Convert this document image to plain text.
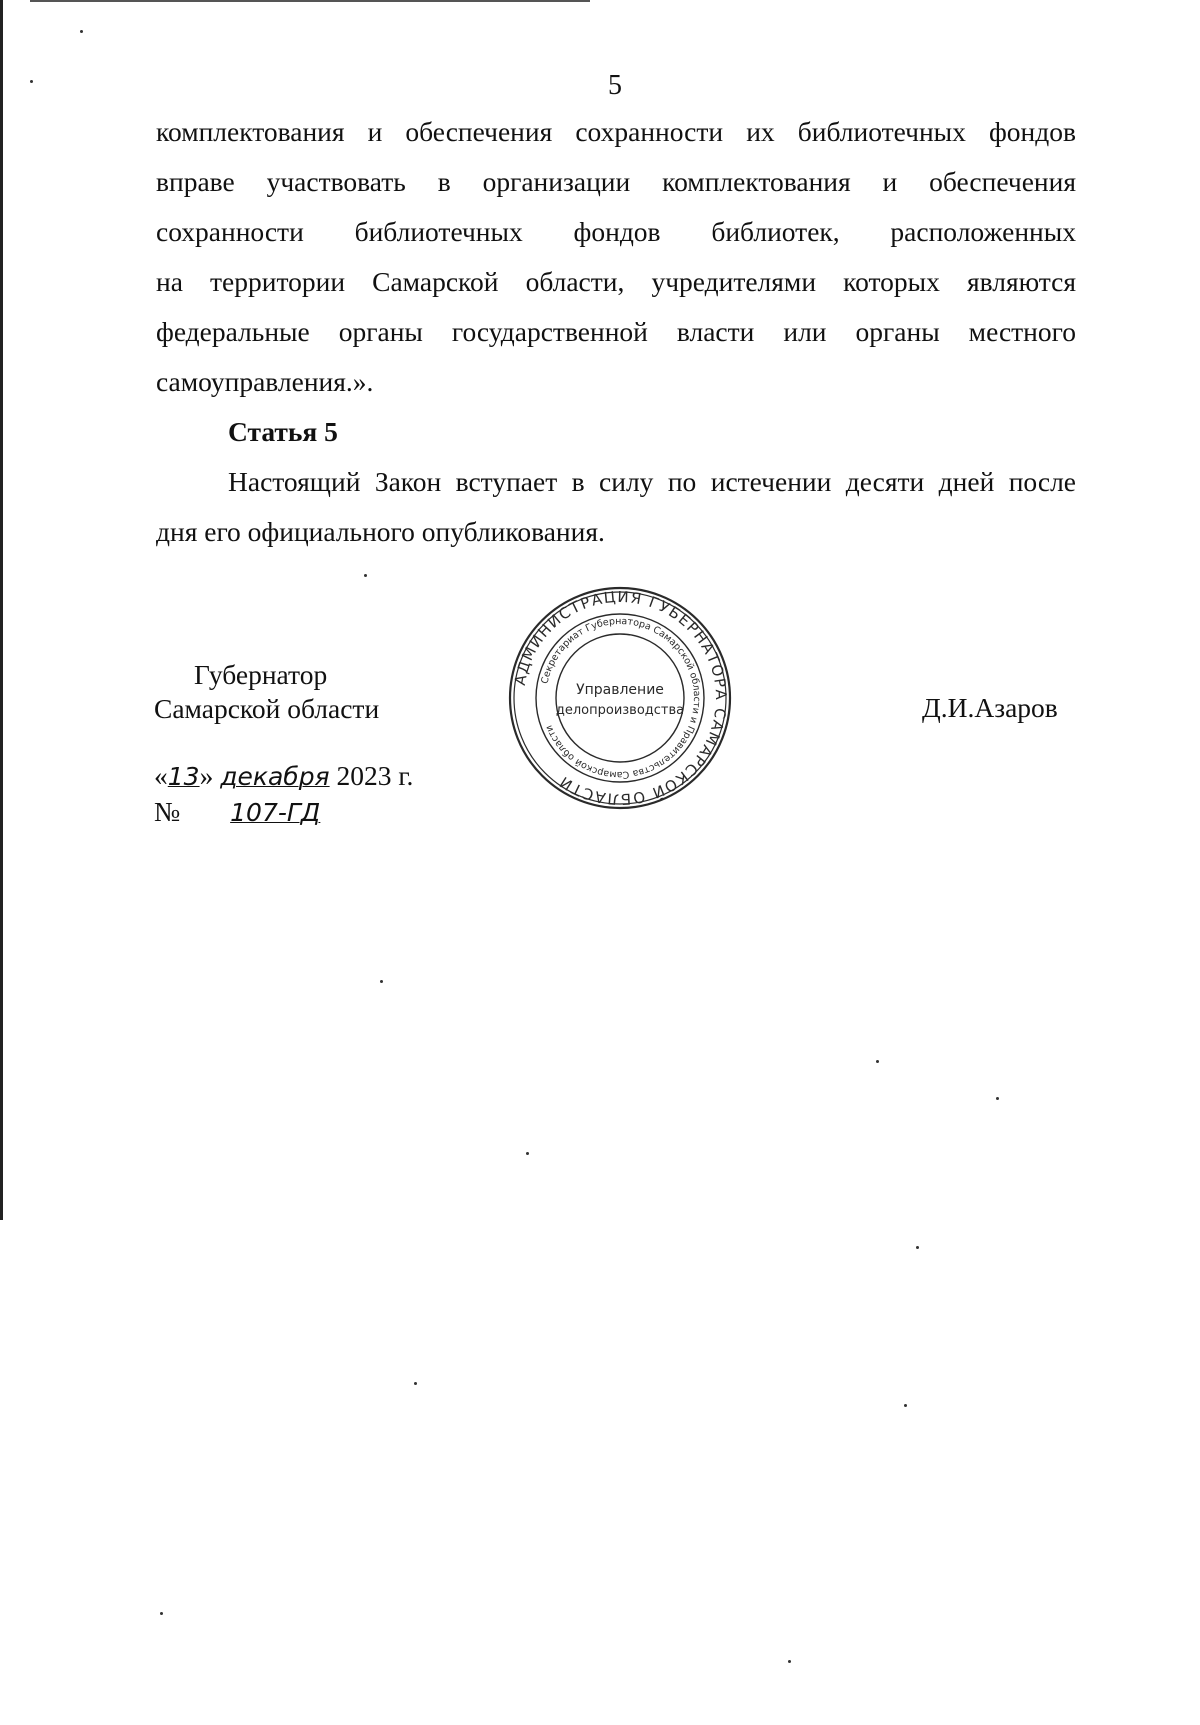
5
комплектования и обеспечения сохранности их библиотечных фондов
вправе участвовать в организации комплектования и обеспечения
сохранности библиотечных фондов библиотек, расположенных
на территории Самарской области, учредителями которых являются
федеральные органы государственной власти или органы местного
самоуправления.».
Статья 5
Настоящий Закон вступает в силу по истечении десяти дней после
дня его официального опубликования.
Губернатор
Самарской области
АДМИНИСТРАЦИЯ ГУБЕРНАТОРА САМАРСКОЙ ОБЛАСТИ
Секретариат Губернатора Самарской области и Правительства Самарской области
Управление
делопроизводства	Д.И.Азаров
«13» декабря 2023 г.
№ 107-ГД
